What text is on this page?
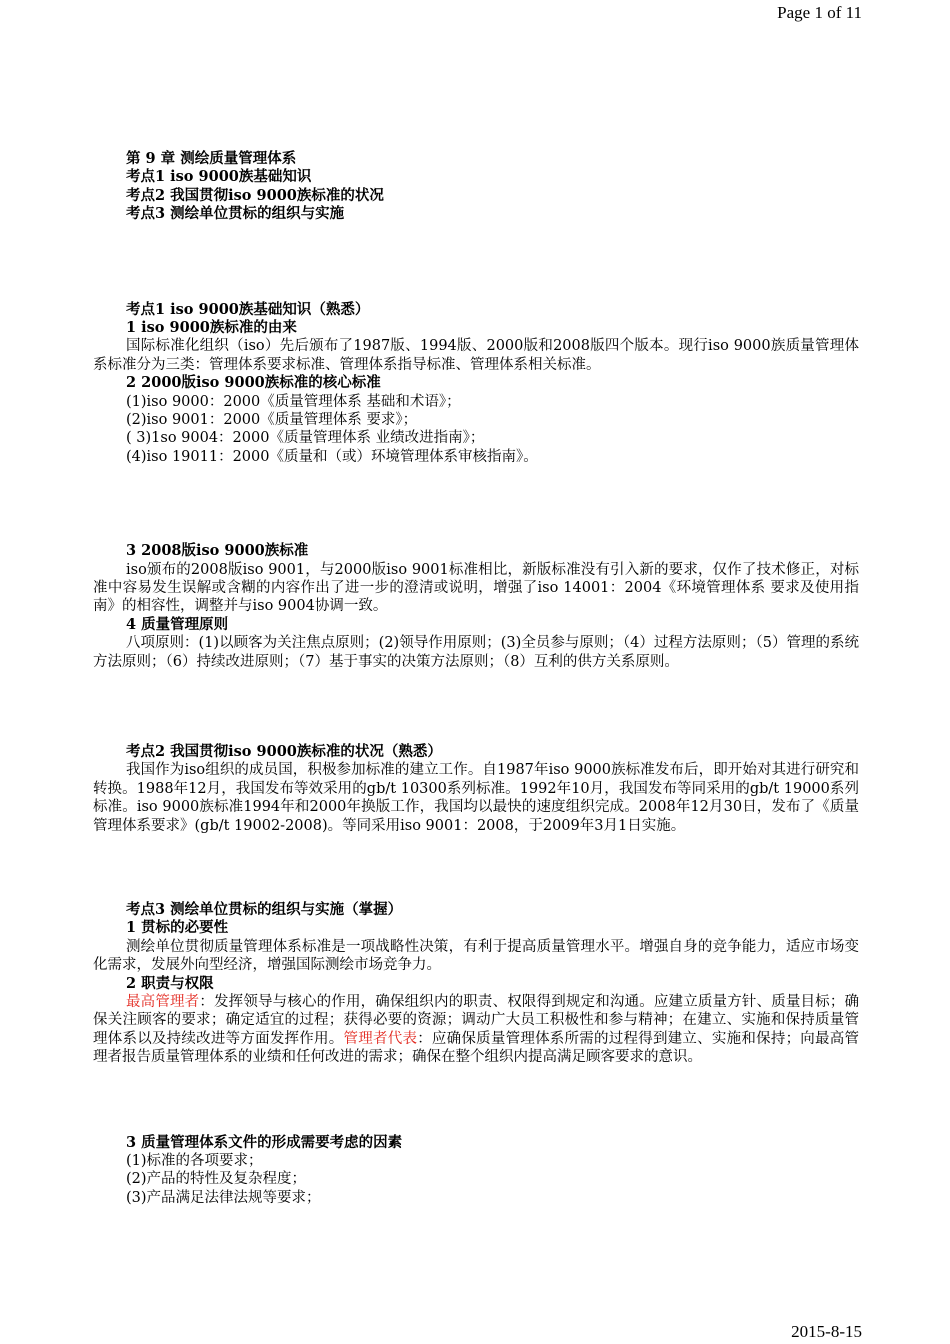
Page 1 of 11
第 9 章 测绘质量管理体系
考点1 iso 9000族基础知识
考点2 我国贯彻iso 9000族标准的状况
考点3 测绘单位贯标的组织与实施
考点1 iso 9000族基础知识（熟悉）
1 iso 9000族标准的由来

国际标准化组织（iso）先后颁布了1987版、1994版、2000版和2008版四个版本。现行iso 9000族质量管理体系标准分为三类：管理体系要求标准、管理体系指导标准、管理体系相关标准。

2 2000版iso 9000族标准的核心标准
(1)iso 9000：2000《质量管理体系 基础和术语》；
(2)iso 9001：2000《质量管理体系 要求》；
( 3)1so 9004：2000《质量管理体系 业绩改进指南》；
(4)iso 19011：2000《质量和（或）环境管理体系审核指南》。
3 2008版iso 9000族标准

iso颁布的2008版iso 9001，与2000版iso 9001标准相比，新版标准没有引入新的要求，仅作了技术修正，对标准中容易发生误解或含糊的内容作出了进一步的澄清或说明，增强了iso 14001：2004《环境管理体系 要求及使用指南》的相容性，调整并与iso 9004协调一致。

4 质量管理原则

八项原则：(1)以顾客为关注焦点原则；(2)领导作用原则；(3)全员参与原则；（4）过程方法原则；（5）管理的系统方法原则；（6）持续改进原则；（7）基于事实的决策方法原则；（8）互利的供方关系原则。

考点2 我国贯彻iso 9000族标准的状况（熟悉）

我国作为iso组织的成员国，积极参加标准的建立工作。自1987年iso 9000族标准发布后，即开始对其进行研究和转换。1988年12月，我国发布等效采用的gb/t 10300系列标准。1992年10月，我国发布等同采用的gb/t 19000系列标准。iso 9000族标准1994年和2000年换版工作，我国均以最快的速度组织完成。2008年12月30日，发布了《质量管理体系要求》(gb/t 19002-2008)。等同采用iso 9001：2008，于2009年3月1日实施。

考点3 测绘单位贯标的组织与实施（掌握）
1 贯标的必要性

测绘单位贯彻质量管理体系标准是一项战略性决策，有利于提高质量管理水平。增强自身的竞争能力，适应市场变化需求，发展外向型经济，增强国际测绘市场竞争力。

2 职责与权限

最高管理者：发挥领导与核心的作用，确保组织内的职责、权限得到规定和沟通。应建立质量方针、质量目标；确保关注顾客的要求；确定适宜的过程；获得必要的资源；调动广大员工积极性和参与精神；在建立、实施和保持质量管理体系以及持续改进等方面发挥作用。管理者代表：应确保质量管理体系所需的过程得到建立、实施和保持；向最高管理者报告质量管理体系的业绩和任何改进的需求；确保在整个组织内提高满足顾客要求的意识。

3 质量管理体系文件的形成需要考虑的因素
(1)标准的各项要求；
(2)产品的特性及复杂程度；
(3)产品满足法律法规等要求；
2015-8-15
